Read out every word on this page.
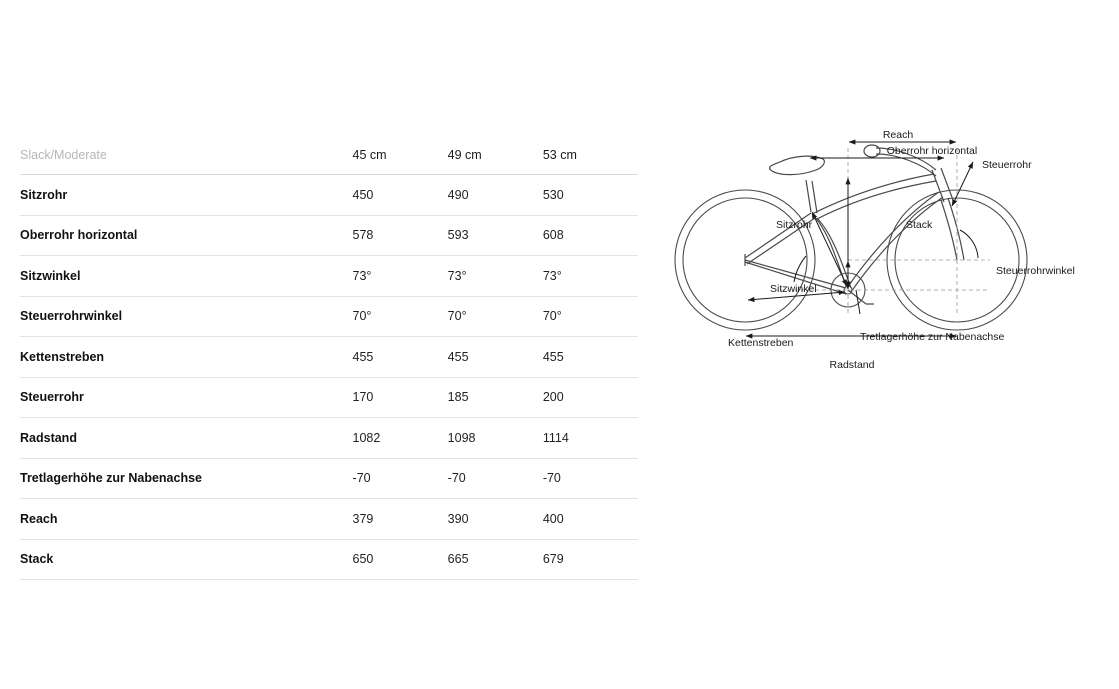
Slack/Moderate	45 cm	49 cm	53 cm
Sitzrohr	450	490	530
Oberrohr horizontal	578	593	608
Sitzwinkel	73°	73°	73°
Steuerrohrwinkel	70°	70°	70°
Kettenstreben	455	455	455
Steuerrohr	170	185	200
Radstand	1082	1098	1114
Tretlagerhöhe zur Nabenachse	-70	-70	-70
Reach	379	390	400
Stack	650	665	679
Reach
Oberrohr horizontal
Steuerrohr
Sitzrohr	Stack
Steuerrohrwinkel
Sitzwinkel
Tretlagerhöhe zur Nabenachse
Kettenstreben
Radstand
